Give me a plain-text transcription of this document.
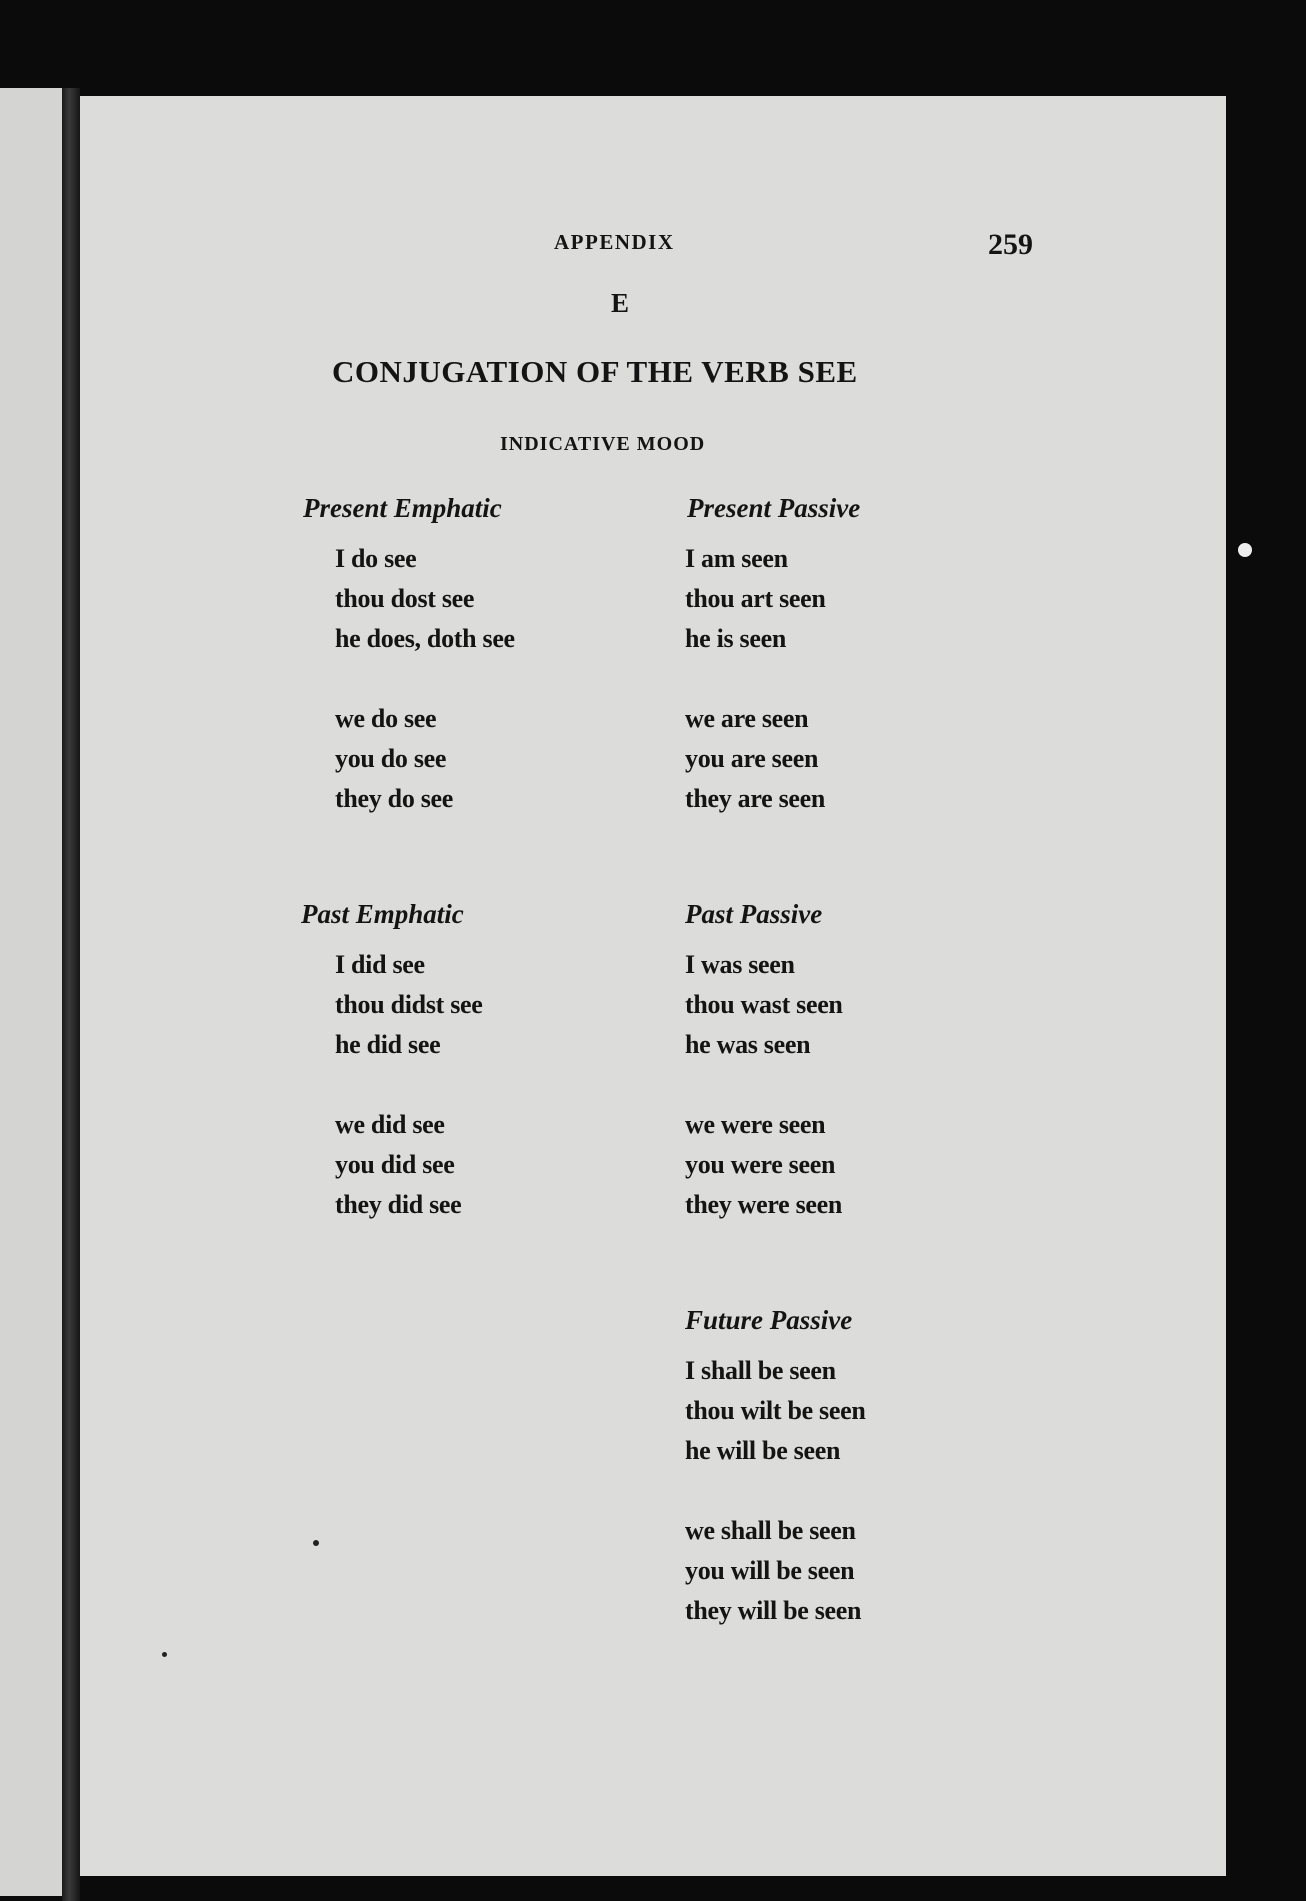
APPENDIX	259
E
CONJUGATION OF THE VERB SEE
INDICATIVE MOOD
Present Emphatic
I do see
thou dost see
he does, doth see
we do see
you do see
they do see
Present Passive
I am seen
thou art seen
he is seen
we are seen
you are seen
they are seen
Past Emphatic
I did see
thou didst see
he did see
we did see
you did see
they did see
Past Passive
I was seen
thou wast seen
he was seen
we were seen
you were seen
they were seen
Future Passive
I shall be seen
thou wilt be seen
he will be seen
we shall be seen
you will be seen
they will be seen
